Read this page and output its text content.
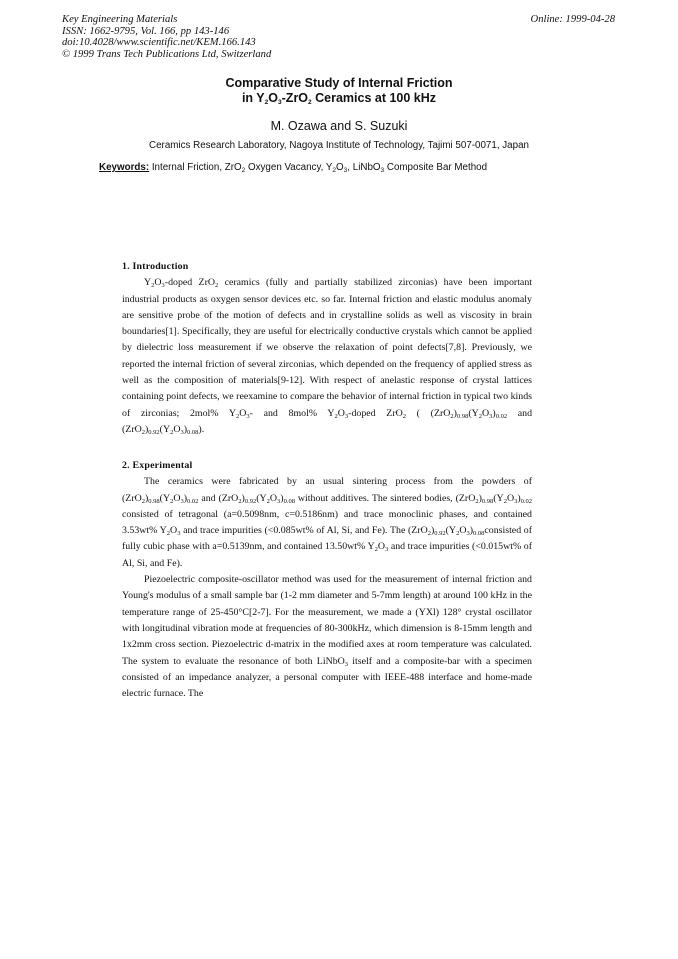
Key Engineering Materials
ISSN: 1662-9795, Vol. 166, pp 143-146
doi:10.4028/www.scientific.net/KEM.166.143
© 1999 Trans Tech Publications Ltd, Switzerland
Online: 1999-04-28
Comparative Study of Internal Friction
in $Y_2O_3-ZrO_2$ Ceramics at 100 kHz
M. Ozawa and S. Suzuki
Ceramics Research Laboratory, Nagoya Institute of Technology, Tajimi 507-0071, Japan
Keywords: Internal Friction, ZrO$_2$ Oxygen Vacancy, $Y_2O_3$, LiNbO$_3$ Composite Bar Method
1. Introduction

$Y_2O_3$-doped ZrO$_2$ ceramics (fully and partially stabilized zirconias) have been important industrial products as oxygen sensor devices etc. so far. Internal friction and elastic modulus anomaly are sensitive probe of the motion of defects and in crystalline solids as well as viscosity in brain boundaries[1]. Specifically, they are useful for electrically conductive crystals which cannot be applied by dielectric loss measurement if we observe the relaxation of point defects[7,8]. Previously, we reported the internal friction of several zirconias, which depended on the frequency of applied stress as well as the composition of materials[9-12]. With respect of anelastic response of crystal lattices containing point defects, we reexamine to compare the behavior of internal friction in typical two kinds of zirconias; 2mol% $Y_2O_3-$ and 8mol% $Y_2O_3$-doped ZrO$_2$ ( $(ZrO_2)_{0.98}(Y_2O_3)_{0.02}$ and $(ZrO_2)_{0.92}(Y_2O_3)_{0.08}$).

2. Experimental

The ceramics were fabricated by an usual sintering process from the powders of $(ZrO_2)_{0.98}(Y_2O_3)_{0.02}$ and $(ZrO_2)_{0.92}(Y_2O_3)_{0.08}$ without additives. The sintered bodies, $(ZrO_2)_{0.98}(Y_2O_3)_{0.02}$ consisted of tetragonal (a=0.5098nm, c=0.5186nm) and trace monoclinic phases, and contained 3.53wt% $Y_2O_3$ and trace impurities (<0.085wt% of Al, Si, and Fe). The $(ZrO_2)_{0.92}(Y_2O_3)_{0.08}consisted$ of fully cubic phase with a=0.5139nm, and contained 13.50wt% $Y_2O_3$ and trace impurities (<0.015wt% of Al, Si, and Fe).

Piezoelectric composite-oscillator method was used for the measurement of internal friction and Young's modulus of a small sample bar (1-2 mm diameter and 5-7mm length) at around 100 kHz in the temperature range of 25-450°C[2-7]. For the measurement, we made a (YXl) 128° crystal oscillator with longitudinal vibration mode at frequencies of 80-300kHz, which dimension is 8-15mm length and 1x2mm cross section. Piezoelectric d-matrix in the modified axes at room temperature was calculated. The system to evaluate the resonance of both LiNbO$_3$ itself and a composite-bar with a specimen consisted of an impedance analyzer, a personal computer with IEEE-488 interface and home-made electric furnace. The
